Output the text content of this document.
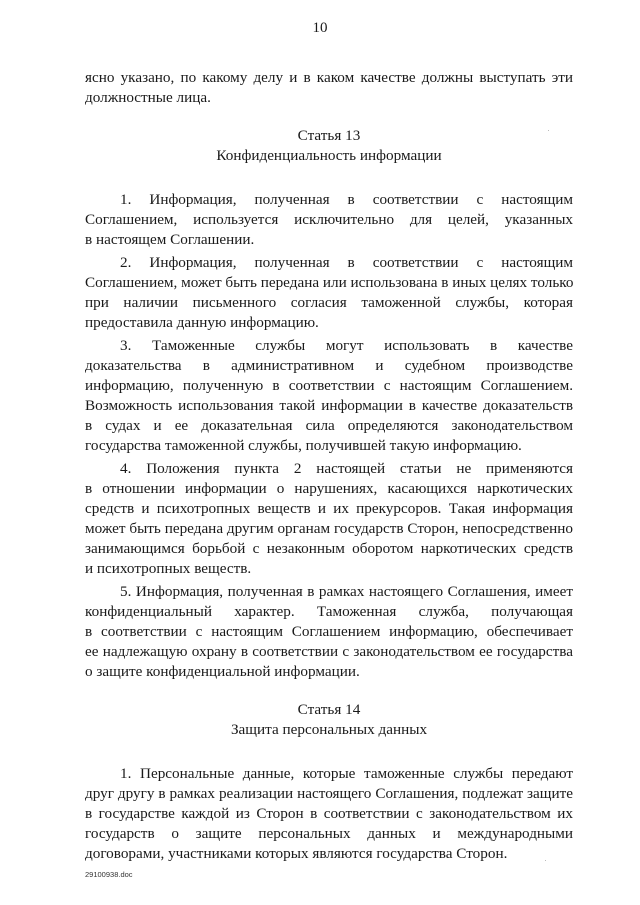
10
ясно указано, по какому делу и в каком качестве должны выступать эти
должностные лица.
Статья 13
Конфиденциальность информации
1. Информация, полученная в соответствии с настоящим
Соглашением, используется исключительно для целей, указанных
в настоящем Соглашении.
2. Информация, полученная в соответствии с настоящим
Соглашением, может быть передана или использована в иных целях только
при наличии письменного согласия таможенной службы, которая
предоставила данную информацию.
3. Таможенные службы могут использовать в качестве
доказательства в административном и судебном производстве
информацию, полученную в соответствии с настоящим Соглашением.
Возможность использования такой информации в качестве доказательств
в судах и ее доказательная сила определяются законодательством
государства таможенной службы, получившей такую информацию.
4. Положения пункта 2 настоящей статьи не применяются
в отношении информации о нарушениях, касающихся наркотических
средств и психотропных веществ и их прекурсоров. Такая информация
может быть передана другим органам государств Сторон, непосредственно
занимающимся борьбой с незаконным оборотом наркотических средств
и психотропных веществ.
5. Информация, полученная в рамках настоящего Соглашения, имеет
конфиденциальный характер. Таможенная служба, получающая
в соответствии с настоящим Соглашением информацию, обеспечивает
ее надлежащую охрану в соответствии с законодательством ее государства
о защите конфиденциальной информации.
Статья 14
Защита персональных данных
1. Персональные данные, которые таможенные службы передают
друг другу в рамках реализации настоящего Соглашения, подлежат защите
в государстве каждой из Сторон в соответствии с законодательством их
государств о защите персональных данных и международными
договорами, участниками которых являются государства Сторон.
29100938.doc
